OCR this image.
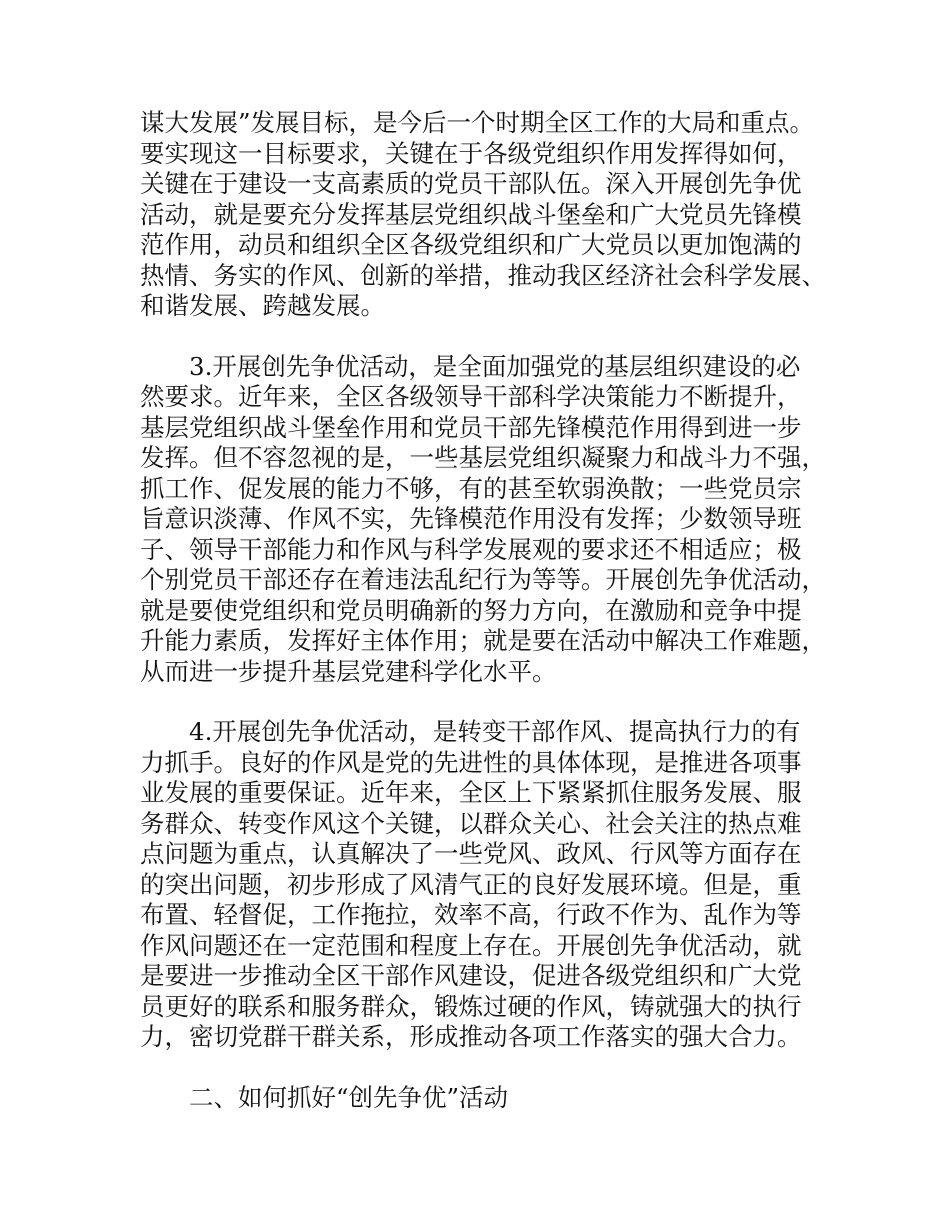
谋大发展”发展目标，是今后一个时期全区工作的大局和重点。
要实现这一目标要求，关键在于各级党组织作用发挥得如何，
关键在于建设一支高素质的党员干部队伍。深入开展创先争优
活动，就是要充分发挥基层党组织战斗堡垒和广大党员先锋模
范作用，动员和组织全区各级党组织和广大党员以更加饱满的
热情、务实的作风、创新的举措，推动我区经济社会科学发展、
和谐发展、跨越发展。
　　3.开展创先争优活动，是全面加强党的基层组织建设的必
然要求。近年来，全区各级领导干部科学决策能力不断提升，
基层党组织战斗堡垒作用和党员干部先锋模范作用得到进一步
发挥。但不容忽视的是，一些基层党组织凝聚力和战斗力不强，
抓工作、促发展的能力不够，有的甚至软弱涣散；一些党员宗
旨意识淡薄、作风不实，先锋模范作用没有发挥；少数领导班
子、领导干部能力和作风与科学发展观的要求还不相适应；极
个别党员干部还存在着违法乱纪行为等等。开展创先争优活动，
就是要使党组织和党员明确新的努力方向，在激励和竞争中提
升能力素质，发挥好主体作用；就是要在活动中解决工作难题，
从而进一步提升基层党建科学化水平。
　　4.开展创先争优活动，是转变干部作风、提高执行力的有
力抓手。良好的作风是党的先进性的具体体现，是推进各项事
业发展的重要保证。近年来，全区上下紧紧抓住服务发展、服
务群众、转变作风这个关键，以群众关心、社会关注的热点难
点问题为重点，认真解决了一些党风、政风、行风等方面存在
的突出问题，初步形成了风清气正的良好发展环境。但是，重
布置、轻督促，工作拖拉，效率不高，行政不作为、乱作为等
作风问题还在一定范围和程度上存在。开展创先争优活动，就
是要进一步推动全区干部作风建设，促进各级党组织和广大党
员更好的联系和服务群众，锻炼过硬的作风，铸就强大的执行
力，密切党群干群关系，形成推动各项工作落实的强大合力。
　　二、如何抓好“创先争优”活动
